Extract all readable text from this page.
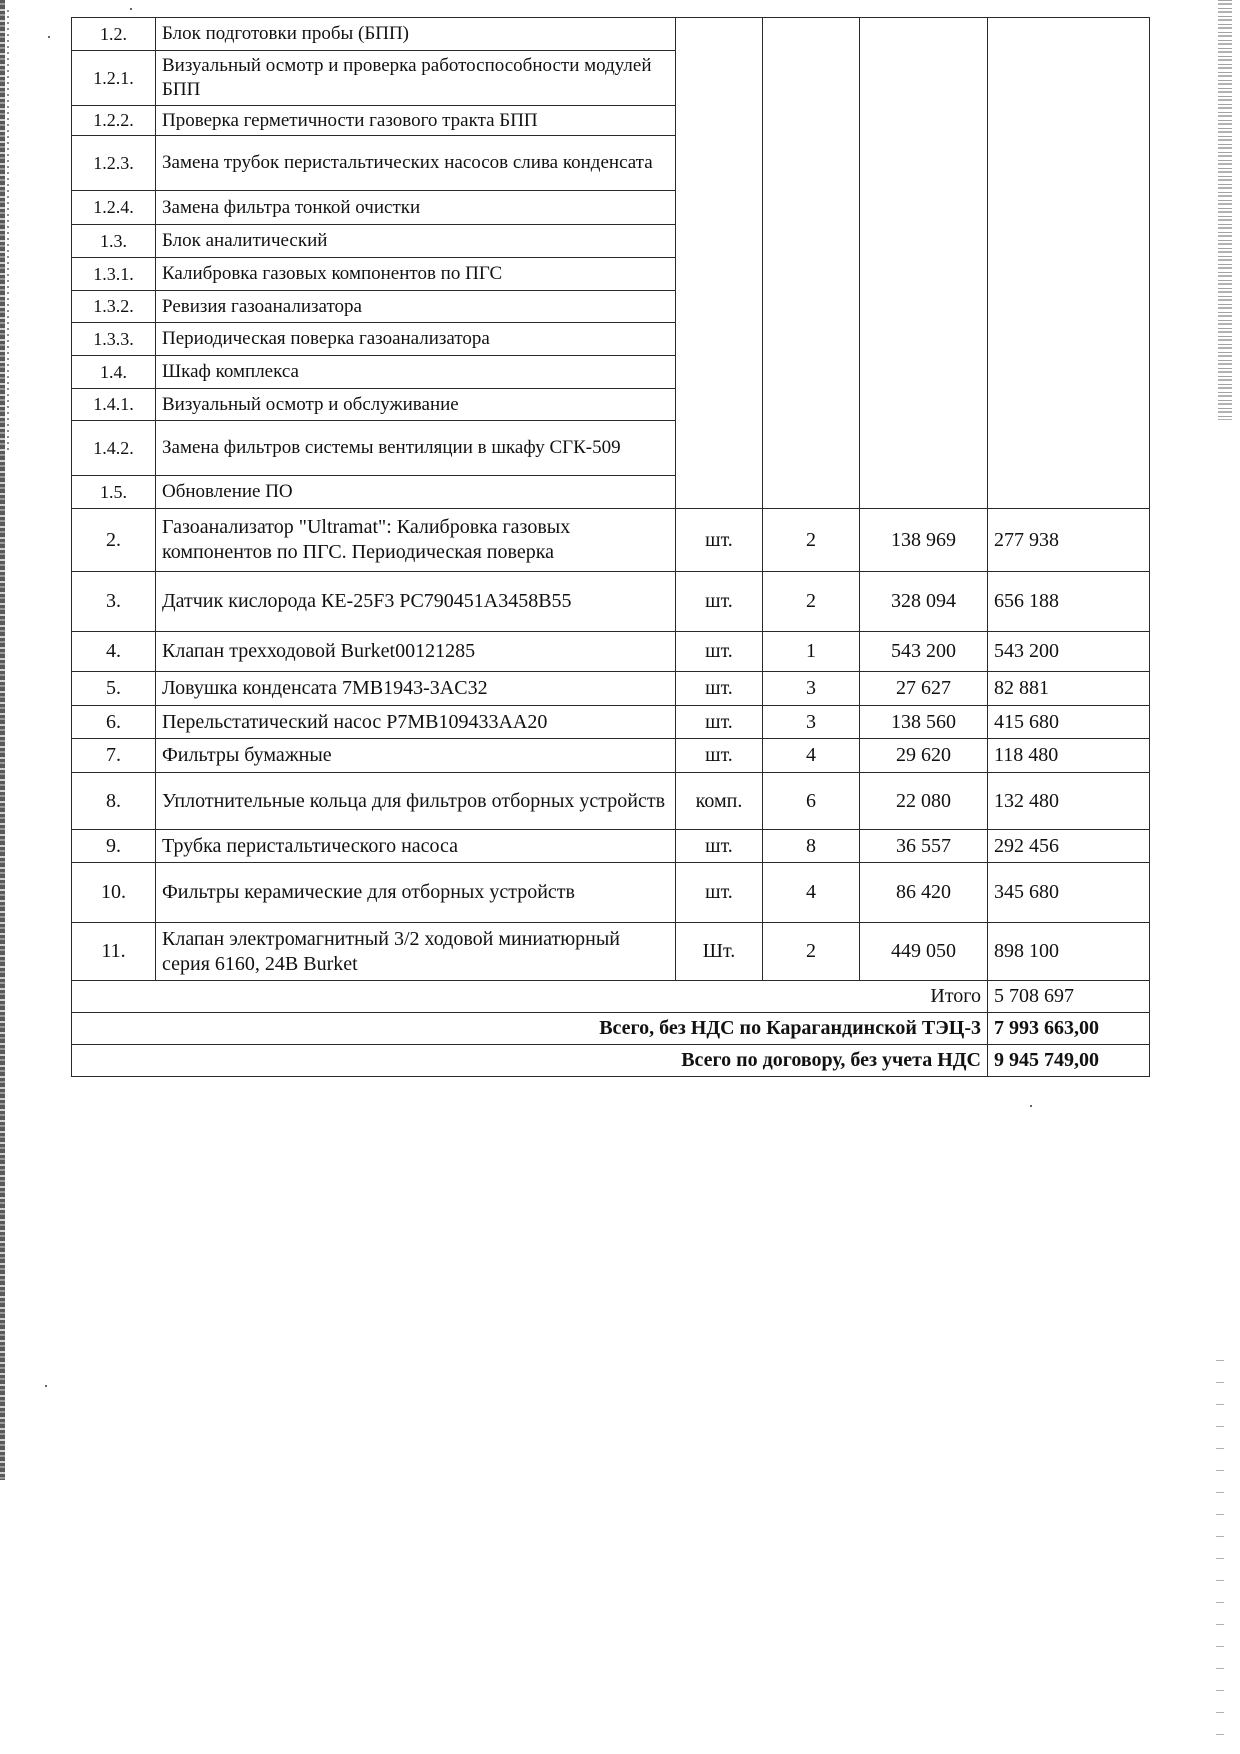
1.2.	Блок подготовки пробы (БПП)				
1.2.1.	Визуальный осмотр и проверка работоспособности модулей БПП				
1.2.2.	Проверка герметичности газового тракта БПП				
1.2.3.	Замена трубок перистальтических насосов слива конденсата				
1.2.4.	Замена фильтра тонкой очистки				
1.3.	Блок аналитический				
1.3.1.	Калибровка газовых компонентов по ПГС				
1.3.2.	Ревизия газоанализатора				
1.3.3.	Периодическая поверка газоанализатора				
1.4.	Шкаф комплекса				
1.4.1.	Визуальный осмотр и обслуживание				
1.4.2.	Замена фильтров системы вентиляции в шкафу СГК-509				
1.5.	Обновление ПО				
2.	Газоанализатор "Ultramat": Калибровка газовых компонентов по ПГС. Периодическая поверка	шт.	2	138 969	277 938
3.	Датчик кислорода КЕ-25F3 PC790451A3458B55	шт.	2	328 094	656 188
4.	Клапан трехходовой Burket00121285	шт.	1	543 200	543 200
5.	Ловушка конденсата 7MB1943-3AC32	шт.	3	27 627	82 881
6.	Перельстатический насос P7MB109433AA20	шт.	3	138 560	415 680
7.	Фильтры бумажные	шт.	4	29 620	118 480
8.	Уплотнительные кольца для фильтров отборных устройств	комп.	6	22 080	132 480
9.	Трубка перистальтического насоса	шт.	8	36 557	292 456
10.	Фильтры керамические для отборных устройств	шт.	4	86 420	345 680
11.	Клапан электромагнитный 3/2 ходовой миниатюрный серия 6160, 24В Burket	Шт.	2	449 050	898 100
Итого					5 708 697
Всего, без НДС по Карагандинской ТЭЦ-3					7 993 663,00
Всего по договору, без учета НДС					9 945 749,00
